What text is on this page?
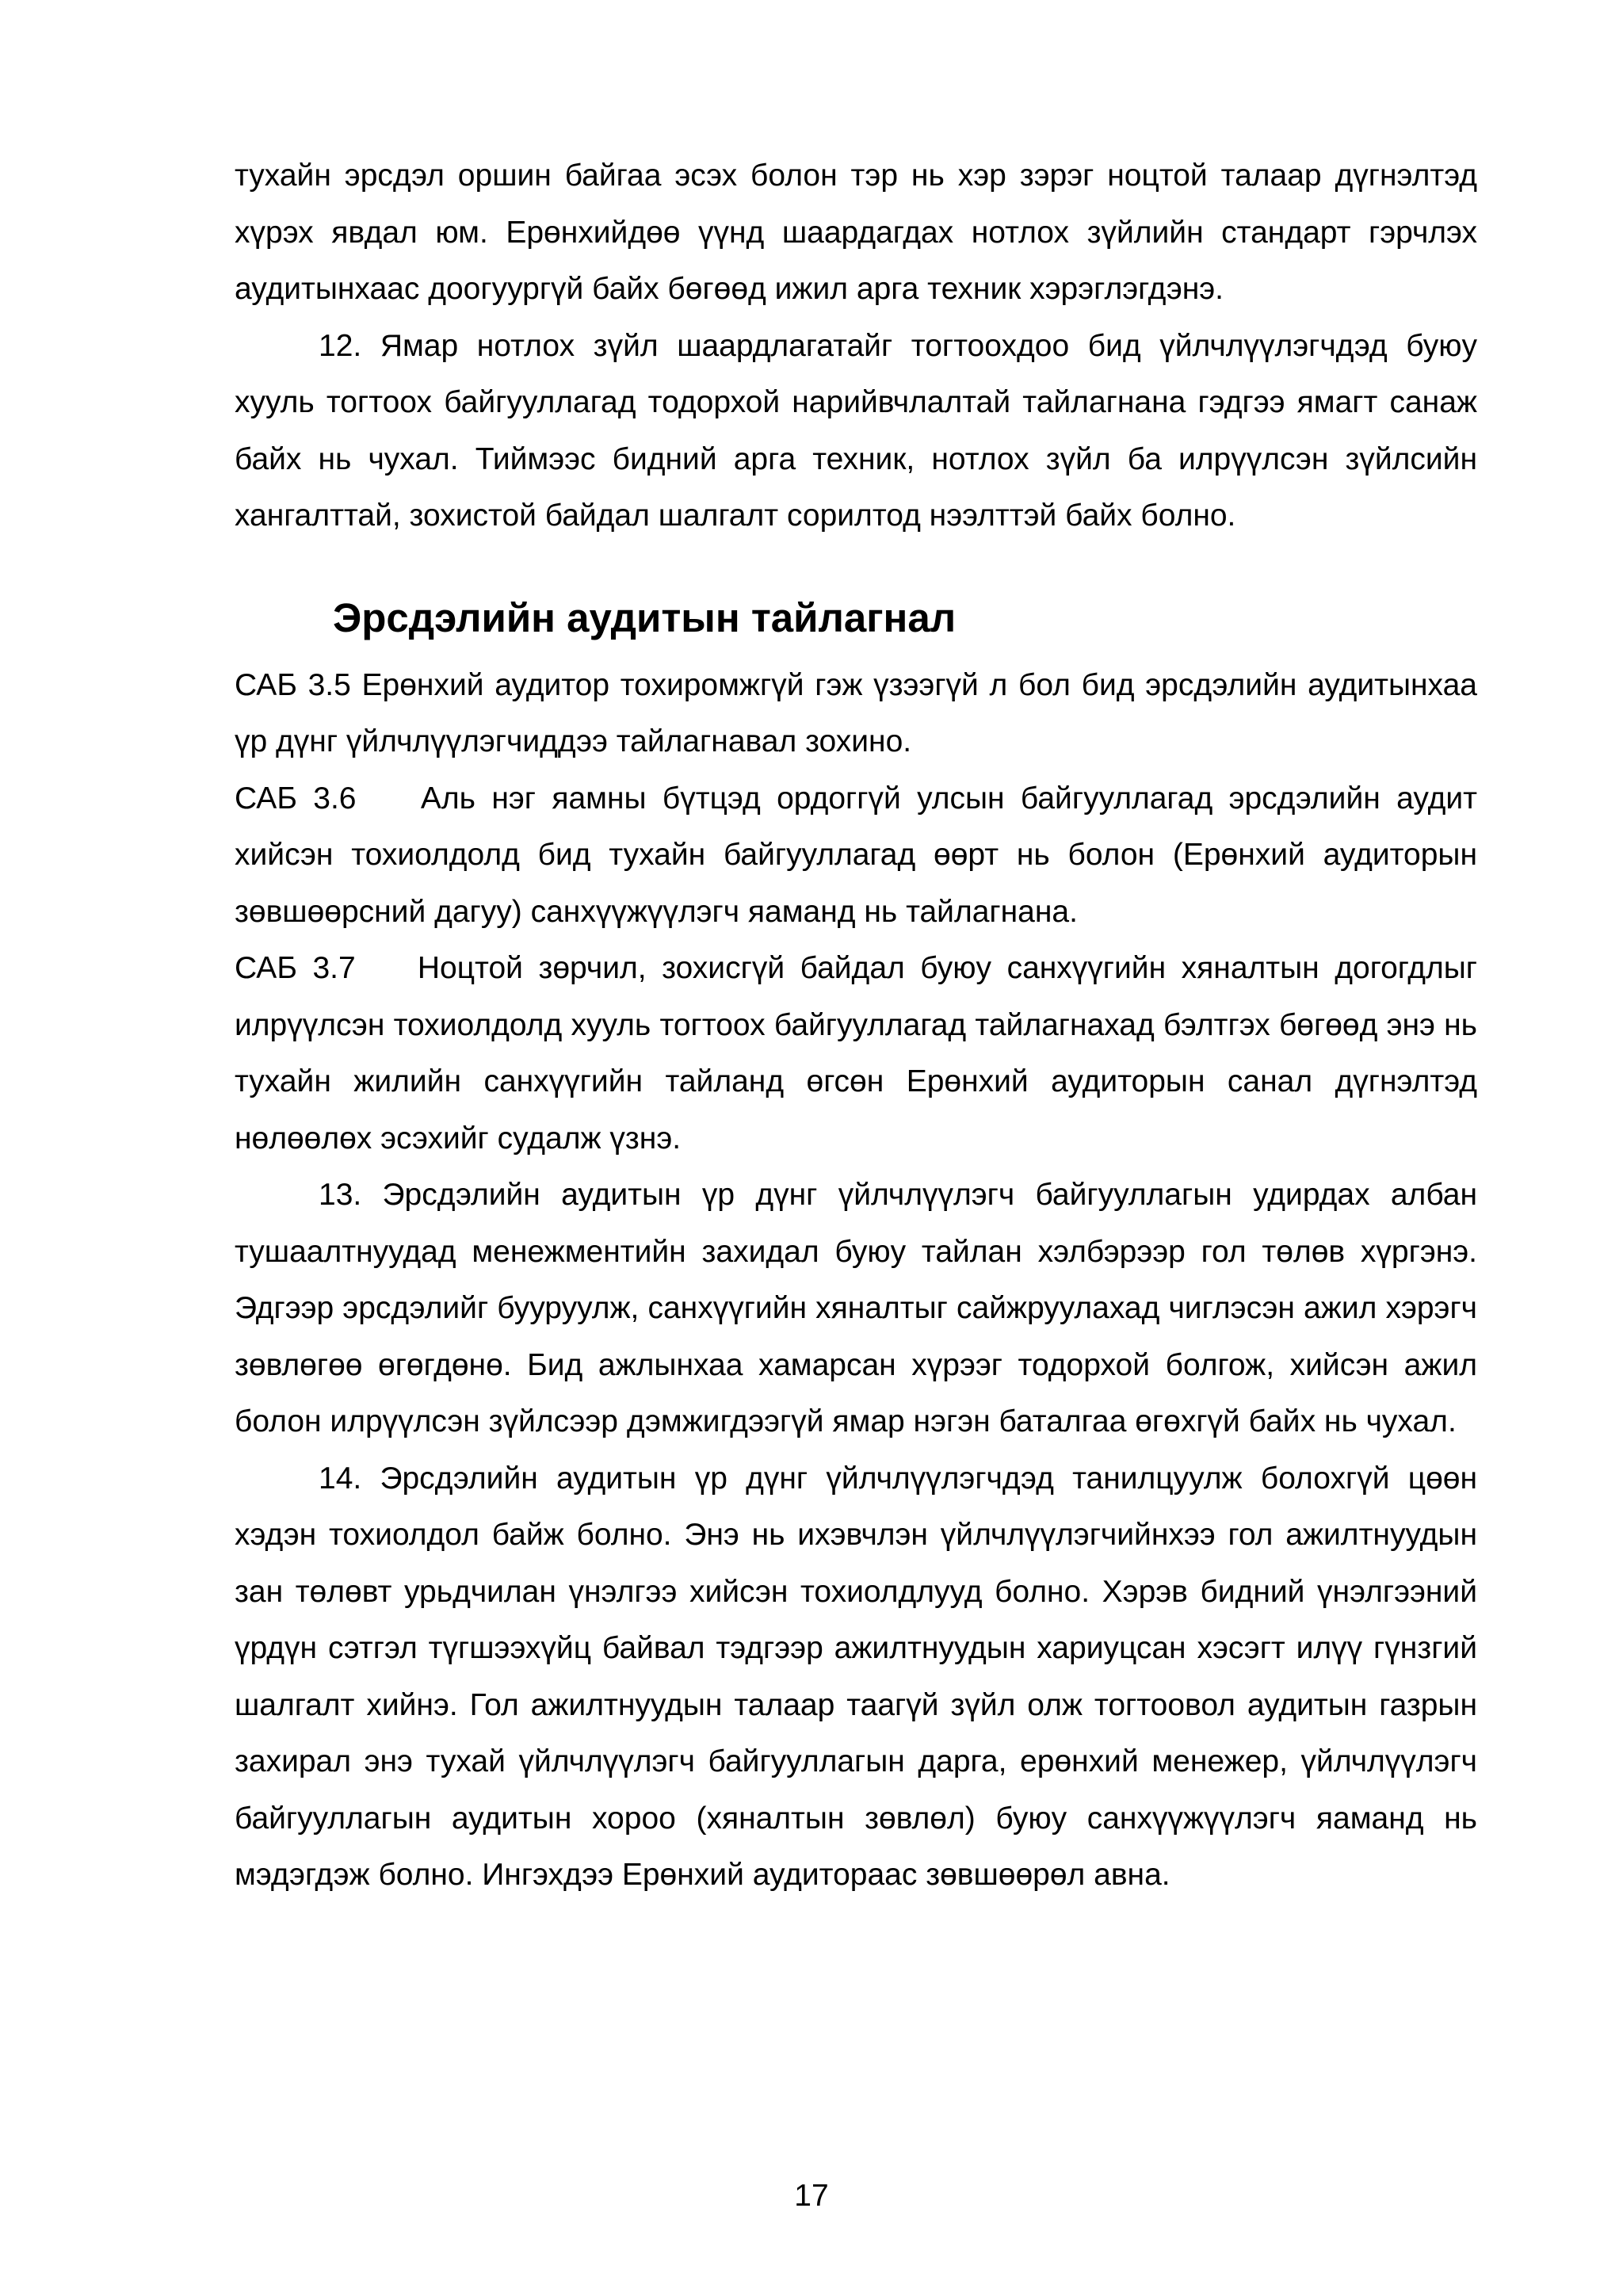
тухайн эрсдэл оршин байгаа эсэх болон тэр нь хэр зэрэг ноцтой талаар дүгнэлтэд хүрэх явдал юм. Ерөнхийдөө үүнд шаардагдах нотлох зүйлийн стандарт гэрчлэх аудитынхаас доогуургүй байх бөгөөд ижил арга техник хэрэглэгдэнэ.

12. Ямар нотлох зүйл шаардлагатайг тогтоохдоо бид үйлчлүүлэгчдэд буюу хууль тогтоох байгууллагад тодорхой нарийвчлалтай тайлагнана гэдгээ ямагт санаж байх нь чухал. Тиймээс бидний арга техник, нотлох зүйл ба илрүүлсэн зүйлсийн хангалттай, зохистой байдал шалгалт сорилтод нээлттэй байх болно.

Эрсдэлийн аудитын тайлагнал

САБ 3.5 Ерөнхий аудитор тохиромжгүй гэж үзээгүй л бол бид эрсдэлийн аудитынхаа үр дүнг үйлчлүүлэгчиддээ тайлагнавал зохино.

САБ 3.6    Аль нэг яамны бүтцэд ордоггүй улсын байгууллагад эрсдэлийн аудит хийсэн тохиолдолд бид тухайн байгууллагад өөрт нь болон (Ерөнхий аудиторын зөвшөөрсний дагуу) санхүүжүүлэгч яаманд нь тайлагнана.

САБ 3.7    Ноцтой зөрчил, зохисгүй байдал буюу санхүүгийн хяналтын догогдлыг илрүүлсэн тохиолдолд хууль тогтоох байгууллагад тайлагнахад бэлтгэх бөгөөд энэ нь тухайн жилийн санхүүгийн тайланд өгсөн Ерөнхий аудиторын санал дүгнэлтэд нөлөөлөх эсэхийг судалж үзнэ.

13. Эрсдэлийн аудитын үр дүнг үйлчлүүлэгч байгууллагын удирдах албан тушаалтнуудад менежментийн захидал буюу тайлан хэлбэрээр гол төлөв хүргэнэ. Эдгээр эрсдэлийг бууруулж, санхүүгийн хяналтыг сайжруулахад чиглэсэн ажил хэрэгч зөвлөгөө өгөгдөнө. Бид ажлынхаа хамарсан хүрээг тодорхой болгож, хийсэн ажил болон илрүүлсэн зүйлсээр дэмжигдээгүй ямар нэгэн баталгаа өгөхгүй байх нь чухал.

14. Эрсдэлийн аудитын үр дүнг үйлчлүүлэгчдэд танилцуулж болохгүй цөөн хэдэн тохиолдол байж болно. Энэ нь ихэвчлэн үйлчлүүлэгчийнхээ гол ажилтнуудын зан төлөвт урьдчилан үнэлгээ хийсэн тохиолдлууд болно. Хэрэв бидний үнэлгээний үрдүн сэтгэл түгшээхүйц байвал тэдгээр ажилтнуудын хариуцсан хэсэгт илүү гүнзгий шалгалт хийнэ. Гол ажилтнуудын талаар таагүй зүйл олж тогтоовол аудитын газрын захирал энэ тухай үйлчлүүлэгч байгууллагын дарга, ерөнхий менежер, үйлчлүүлэгч байгууллагын аудитын хороо (хяналтын зөвлөл) буюу санхүүжүүлэгч яаманд нь мэдэгдэж болно. Ингэхдээ Ерөнхий аудитораас зөвшөөрөл авна.

17
